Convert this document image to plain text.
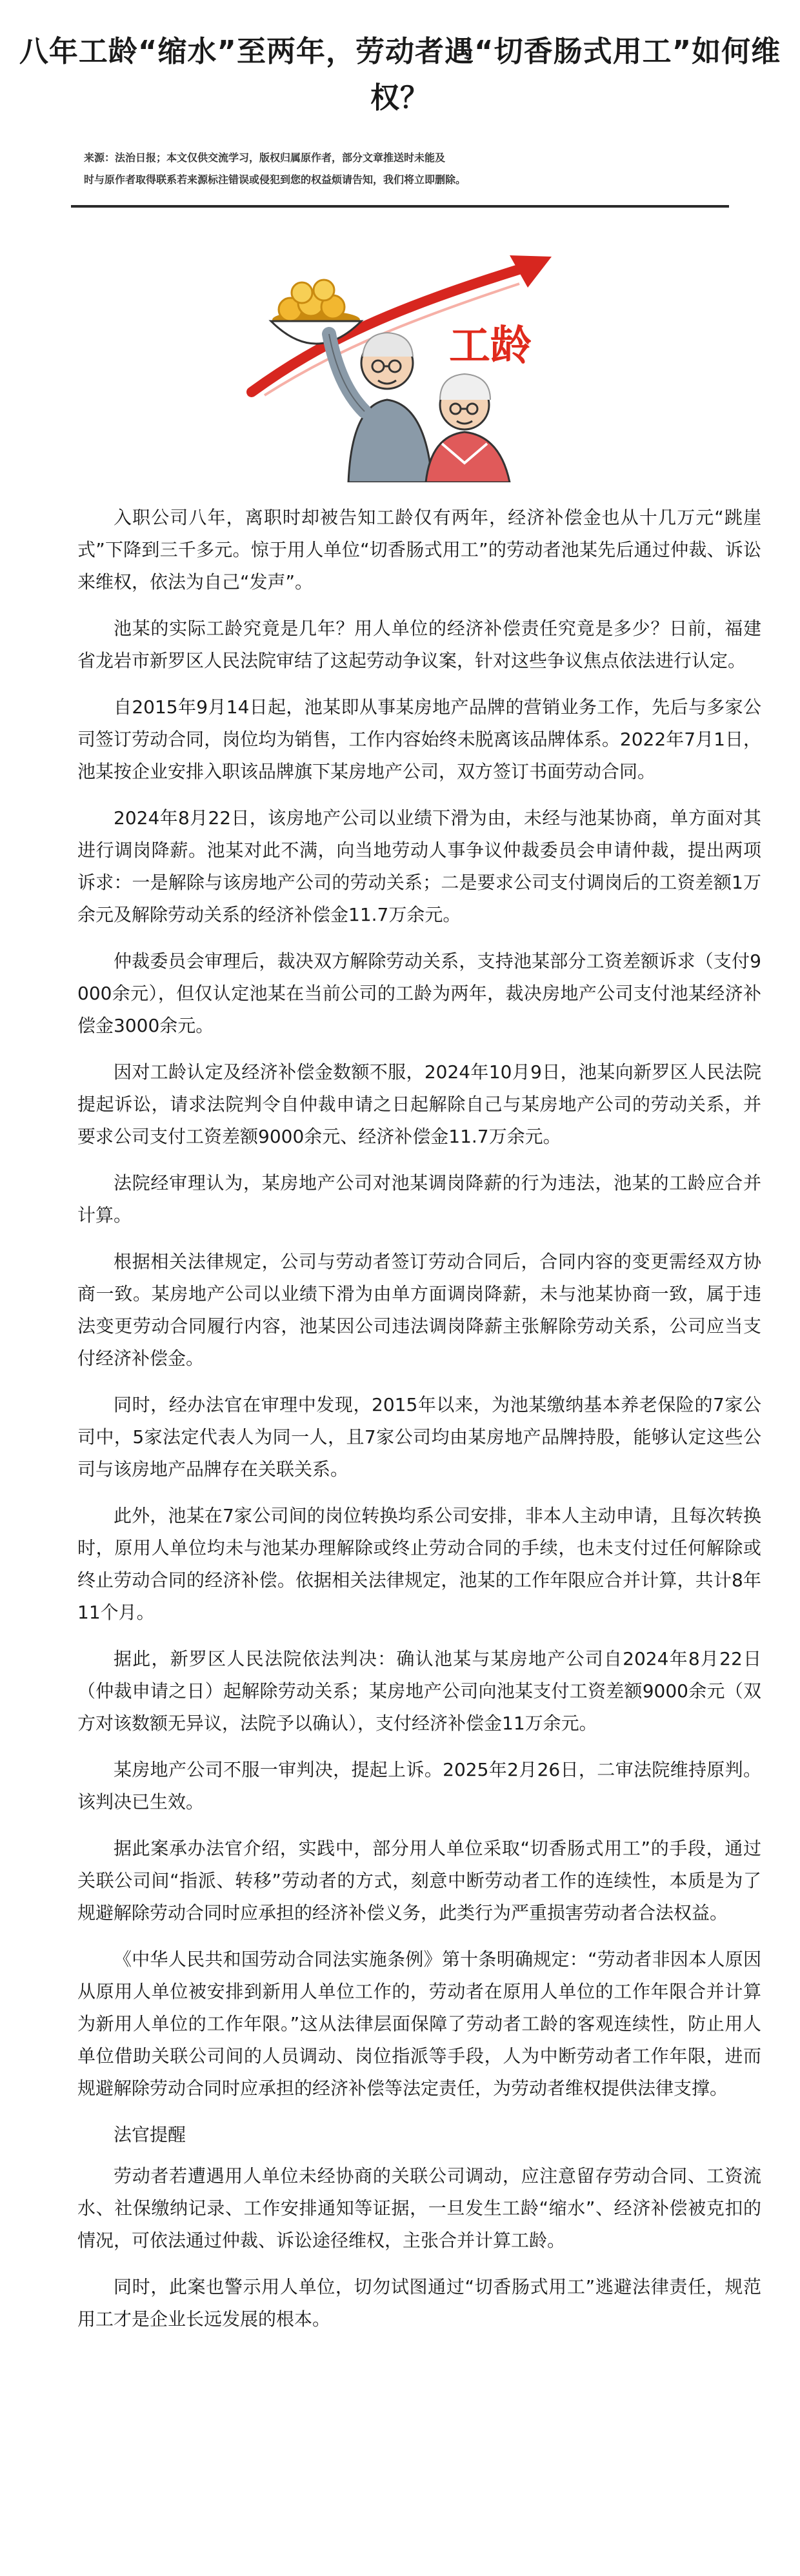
八年工龄“缩水”至两年，劳动者遇“切香肠式用工”如何维权？

来源：法治日报；本文仅供交流学习，版权归属原作者，部分文章推送时未能及

时与原作者取得联系若来源标注错误或侵犯到您的权益烦请告知，我们将立即删除。

工龄

入职公司八年，离职时却被告知工龄仅有两年，经济补偿金也从十几万元“跳崖式”下降到三千多元。惊于用人单位“切香肠式用工”的劳动者池某先后通过仲裁、诉讼来维权，依法为自己“发声”。

池某的实际工龄究竟是几年？用人单位的经济补偿责任究竟是多少？日前，福建省龙岩市新罗区人民法院审结了这起劳动争议案，针对这些争议焦点依法进行认定。

自2015年9月14日起，池某即从事某房地产品牌的营销业务工作，先后与多家公司签订劳动合同，岗位均为销售，工作内容始终未脱离该品牌体系。2022年7月1日，池某按企业安排入职该品牌旗下某房地产公司，双方签订书面劳动合同。

2024年8月22日，该房地产公司以业绩下滑为由，未经与池某协商，单方面对其进行调岗降薪。池某对此不满，向当地劳动人事争议仲裁委员会申请仲裁，提出两项诉求：一是解除与该房地产公司的劳动关系；二是要求公司支付调岗后的工资差额1万余元及解除劳动关系的经济补偿金11.7万余元。

仲裁委员会审理后，裁决双方解除劳动关系，支持池某部分工资差额诉求（支付9000余元），但仅认定池某在当前公司的工龄为两年，裁决房地产公司支付池某经济补偿金3000余元。

因对工龄认定及经济补偿金数额不服，2024年10月9日，池某向新罗区人民法院提起诉讼，请求法院判令自仲裁申请之日起解除自己与某房地产公司的劳动关系，并要求公司支付工资差额9000余元、经济补偿金11.7万余元。

法院经审理认为，某房地产公司对池某调岗降薪的行为违法，池某的工龄应合并计算。

根据相关法律规定，公司与劳动者签订劳动合同后，合同内容的变更需经双方协商一致。某房地产公司以业绩下滑为由单方面调岗降薪，未与池某协商一致，属于违法变更劳动合同履行内容，池某因公司违法调岗降薪主张解除劳动关系，公司应当支付经济补偿金。

同时，经办法官在审理中发现，2015年以来，为池某缴纳基本养老保险的7家公司中，5家法定代表人为同一人，且7家公司均由某房地产品牌持股，能够认定这些公司与该房地产品牌存在关联关系。

此外，池某在7家公司间的岗位转换均系公司安排，非本人主动申请，且每次转换时，原用人单位均未与池某办理解除或终止劳动合同的手续，也未支付过任何解除或终止劳动合同的经济补偿。依据相关法律规定，池某的工作年限应合并计算，共计8年11个月。

据此，新罗区人民法院依法判决：确认池某与某房地产公司自2024年8月22日（仲裁申请之日）起解除劳动关系；某房地产公司向池某支付工资差额9000余元（双方对该数额无异议，法院予以确认），支付经济补偿金11万余元。

某房地产公司不服一审判决，提起上诉。2025年2月26日，二审法院维持原判。该判决已生效。

据此案承办法官介绍，实践中，部分用人单位采取“切香肠式用工”的手段，通过关联公司间“指派、转移”劳动者的方式，刻意中断劳动者工作的连续性，本质是为了规避解除劳动合同时应承担的经济补偿义务，此类行为严重损害劳动者合法权益。

《中华人民共和国劳动合同法实施条例》第十条明确规定：“劳动者非因本人原因从原用人单位被安排到新用人单位工作的，劳动者在原用人单位的工作年限合并计算为新用人单位的工作年限。”这从法律层面保障了劳动者工龄的客观连续性，防止用人单位借助关联公司间的人员调动、岗位指派等手段，人为中断劳动者工作年限，进而规避解除劳动合同时应承担的经济补偿等法定责任，为劳动者维权提供法律支撑。

法官提醒

劳动者若遭遇用人单位未经协商的关联公司调动，应注意留存劳动合同、工资流水、社保缴纳记录、工作安排通知等证据，一旦发生工龄“缩水”、经济补偿被克扣的情况，可依法通过仲裁、诉讼途径维权，主张合并计算工龄。

同时，此案也警示用人单位，切勿试图通过“切香肠式用工”逃避法律责任，规范用工才是企业长远发展的根本。
